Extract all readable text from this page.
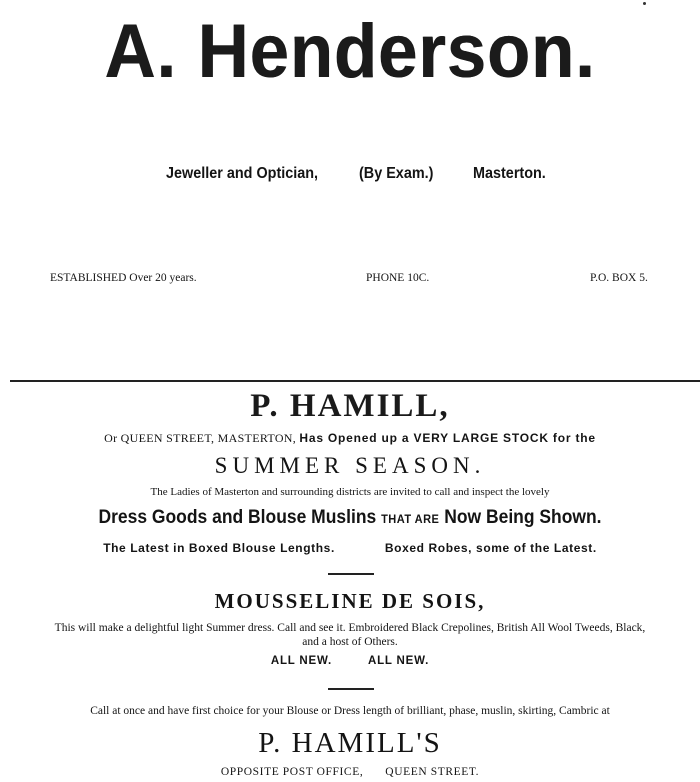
A. Henderson.
Jeweller and Optician,	(By Exam.) Masterton.
ESTABLISHED Over 20 years.	PHONE 10C.	P.O. BOX 5.
P. HAMILL,
Or QUEEN STREET, MASTERTON, Has Opened up a VERY LARGE STOCK for the
SUMMER SEASON.
The Ladies of Masterton and surrounding districts are invited to call and inspect the lovely
Dress Goods and Blouse Muslins THAT ARE Now Being Shown.
The Latest in Boxed Blouse Lengths.	Boxed Robes, some of the Latest.
MOUSSELINE DE SOIS,
This will make a delightful light Summer dress. Call and see it. Embroidered Black Crepolines, British All Wool Tweeds, Black,
and a host of Others.
ALL NEW.	ALL NEW.
Call at once and have first choice for your Blouse or Dress length of brilliant, phase, muslin, skirting, Cambric at
P. HAMILL'S
OPPOSITE POST OFFICE, QUEEN STREET.
